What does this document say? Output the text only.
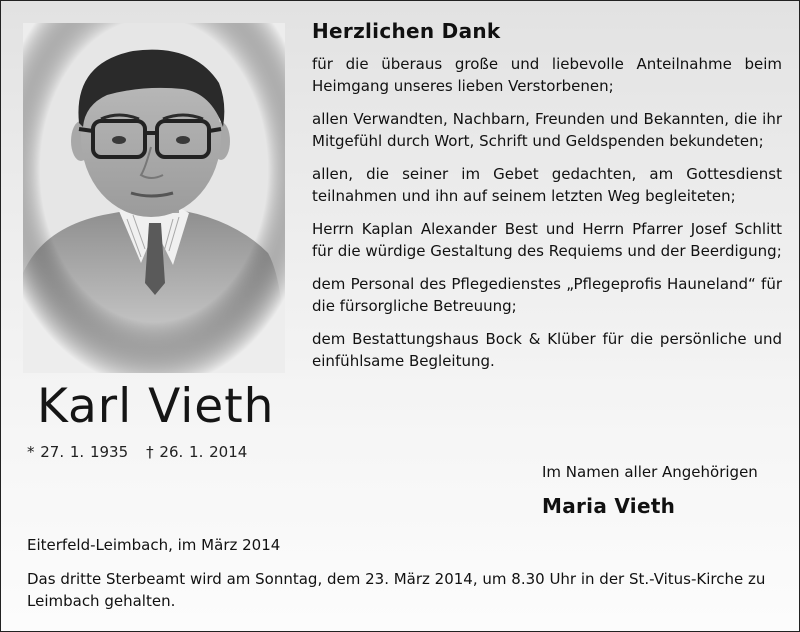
Karl Vieth
* 27. 1. 1935 † 26. 1. 2014
Herzlichen Dank

für die überaus große und liebevolle Anteilnahme beim Heimgang unseres lieben Verstorbenen;

allen Verwandten, Nachbarn, Freunden und Bekannten, die ihr Mitgefühl durch Wort, Schrift und Geldspenden bekundeten;

allen, die seiner im Gebet gedachten, am Gottesdienst teilnahmen und ihn auf seinem letzten Weg begleiteten;

Herrn Kaplan Alexander Best und Herrn Pfarrer Josef Schlitt für die würdige Gestaltung des Requiems und der Beerdigung;

dem Personal des Pflegedienstes „Pflegeprofis Hauneland“ für die fürsorgliche Betreuung;

dem Bestattungshaus Bock & Klüber für die persönliche und einfühlsame Begleitung.

Im Namen aller Angehörigen
Maria Vieth
Eiterfeld-Leimbach, im März 2014
Das dritte Sterbeamt wird am Sonntag, dem 23. März 2014, um 8.30 Uhr in der St.-Vitus-Kirche zu Leimbach gehalten.
